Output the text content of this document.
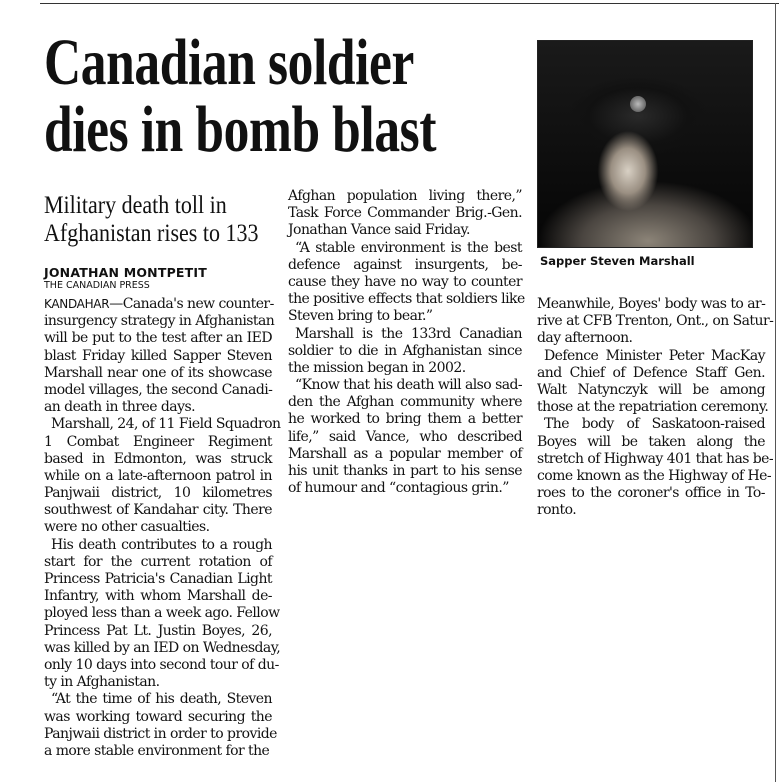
Canadian soldier
dies in bomb blast
Military death toll in
Afghanistan rises to 133
JONATHAN MONTPETIT
THE CANADIAN PRESS
Sapper Steven Marshall
KANDAHAR—Canada's new counter-
insurgency strategy in Afghanistan
will be put to the test after an IED
blast Friday killed Sapper Steven
Marshall near one of its showcase
model villages, the second Canadi-
an death in three days.
Marshall, 24, of 11 Field Squadron
1 Combat Engineer Regiment
based in Edmonton, was struck
while on a late-afternoon patrol in
Panjwaii district, 10 kilometres
southwest of Kandahar city. There
were no other casualties.
His death contributes to a rough
start for the current rotation of
Princess Patricia's Canadian Light
Infantry, with whom Marshall de-
ployed less than a week ago. Fellow
Princess Pat Lt. Justin Boyes, 26,
was killed by an IED on Wednesday,
only 10 days into second tour of du-
ty in Afghanistan.
“At the time of his death, Steven
was working toward securing the
Panjwaii district in order to provide
a more stable environment for the
Afghan population living there,”
Task Force Commander Brig.-Gen.
Jonathan Vance said Friday.
“A stable environment is the best
defence against insurgents, be-
cause they have no way to counter
the positive effects that soldiers like
Steven bring to bear.”
Marshall is the 133rd Canadian
soldier to die in Afghanistan since
the mission began in 2002.
“Know that his death will also sad-
den the Afghan community where
he worked to bring them a better
life,” said Vance, who described
Marshall as a popular member of
his unit thanks in part to his sense
of humour and “contagious grin.”
Meanwhile, Boyes' body was to ar-
rive at CFB Trenton, Ont., on Satur-
day afternoon.
Defence Minister Peter MacKay
and Chief of Defence Staff Gen.
Walt Natynczyk will be among
those at the repatriation ceremony.
The body of Saskatoon-raised
Boyes will be taken along the
stretch of Highway 401 that has be-
come known as the Highway of He-
roes to the coroner's office in To-
ronto.
